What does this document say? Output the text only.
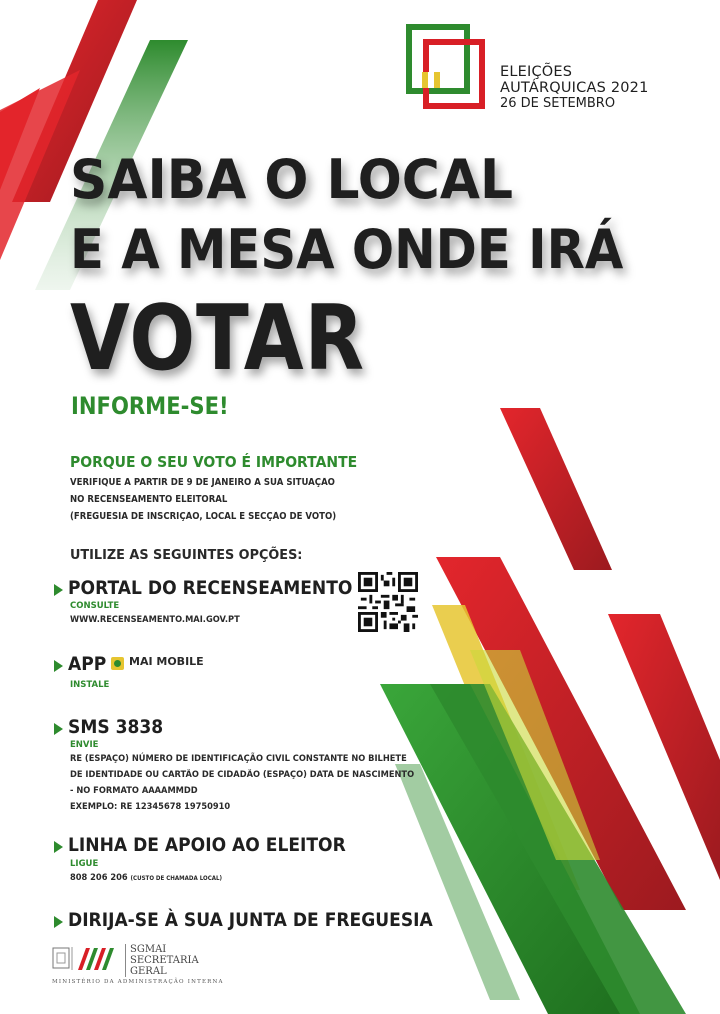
ELEIÇÕES
AUTÁRQUICAS 2021
26 DE SETEMBRO
SAIBA O LOCAL
E A MESA ONDE IRÁ
VOTAR
INFORME-SE!
PORQUE O SEU VOTO É IMPORTANTE
VERIFIQUE A PARTIR DE 9 DE JANEIRO A SUA SITUAÇÃO
NO RECENSEAMENTO ELEITORAL
(FREGUESIA DE INSCRIÇÃO, LOCAL E SECÇÃO DE VOTO)
UTILIZE AS SEGUINTES OPÇÕES:
PORTAL DO RECENSEAMENTO
CONSULTE
WWW.RECENSEAMENTO.MAI.GOV.PT
APP MAI MOBILE
INSTALE
SMS 3838
ENVIE
RE (ESPAÇO) NÚMERO DE IDENTIFICAÇÃO CIVIL CONSTANTE NO BILHETE
DE IDENTIDADE OU CARTÃO DE CIDADÃO (ESPAÇO) DATA DE NASCIMENTO
- NO FORMATO AAAAMMDD
EXEMPLO: RE 12345678 19750910
LINHA DE APOIO AO ELEITOR
LIGUE
808 206 206 (CUSTO DE CHAMADA LOCAL)
DIRIJA-SE À SUA JUNTA DE FREGUESIA
SGMAI
SECRETARIA
GERAL
MINISTÉRIO DA ADMINISTRAÇÃO INTERNA
